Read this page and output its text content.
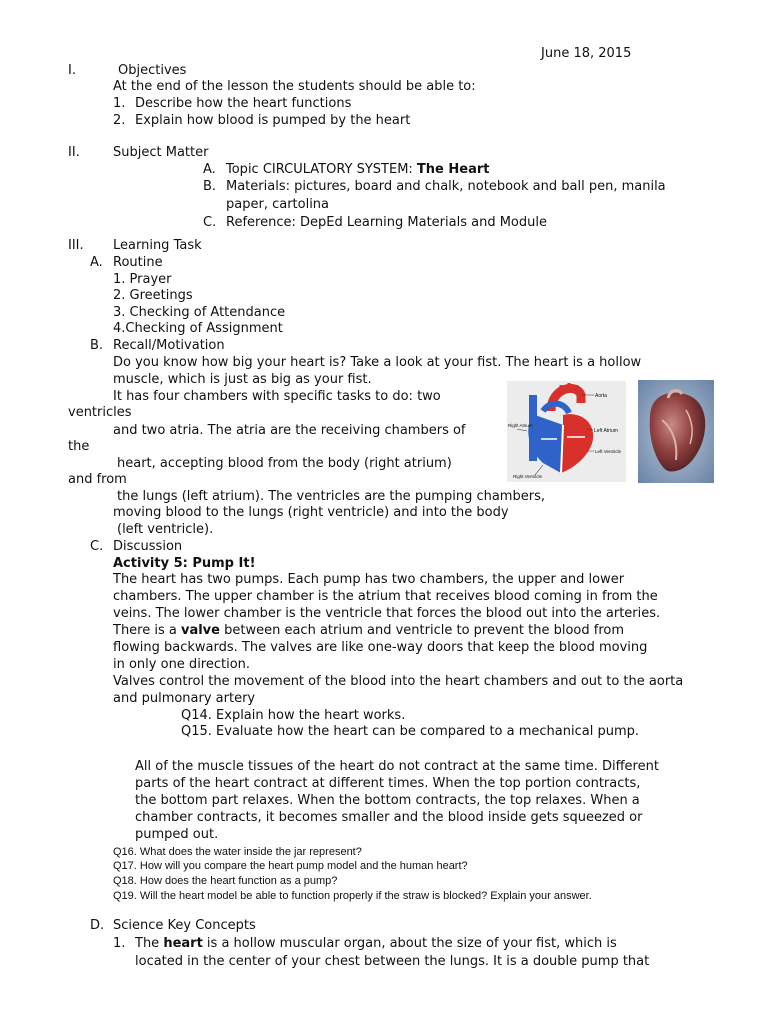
June 18, 2015
I.	Objectives
At the end of the lesson the students should be able to:
1. Describe how the heart functions
2. Explain how blood is pumped by the heart
II.	Subject Matter
A. Topic CIRCULATORY SYSTEM: The Heart
B. Materials: pictures, board and chalk, notebook and ball pen, manila
paper, cartolina
C. Reference: DepEd Learning Materials and Module
III. Learning Task
A. Routine
1. Prayer
2. Greetings
3. Checking of Attendance
4.Checking of Assignment
B. Recall/Motivation
Do you know how big your heart is? Take a look at your fist. The heart is a hollow
muscle, which is just as big as your fist.
It has four chambers with specific tasks to do: two
ventricles
and two atria. The atria are the receiving chambers of
the
heart, accepting blood from the body (right atrium)
and from
the lungs (left atrium). The ventricles are the pumping chambers,
moving blood to the lungs (right ventricle) and into the body
(left ventricle).
Aorta
Right Atrium
Left Atrium
Left Ventricle
Right Ventricle
C. Discussion
Activity 5: Pump It!
The heart has two pumps. Each pump has two chambers, the upper and lower
chambers. The upper chamber is the atrium that receives blood coming in from the
veins. The lower chamber is the ventricle that forces the blood out into the arteries.
There is a valve between each atrium and ventricle to prevent the blood from
flowing backwards. The valves are like one-way doors that keep the blood moving
in only one direction.
Valves control the movement of the blood into the heart chambers and out to the aorta
and pulmonary artery
Q14. Explain how the heart works.
Q15. Evaluate how the heart can be compared to a mechanical pump.
All of the muscle tissues of the heart do not contract at the same time. Different
parts of the heart contract at different times. When the top portion contracts,
the bottom part relaxes. When the bottom contracts, the top relaxes. When a
chamber contracts, it becomes smaller and the blood inside gets squeezed or
pumped out.
Q16. What does the water inside the jar represent?
Q17. How will you compare the heart pump model and the human heart?
Q18. How does the heart function as a pump?
Q19. Will the heart model be able to function properly if the straw is blocked? Explain your answer.
D. Science Key Concepts
1. The heart is a hollow muscular organ, about the size of your fist, which is
located in the center of your chest between the lungs. It is a double pump that
